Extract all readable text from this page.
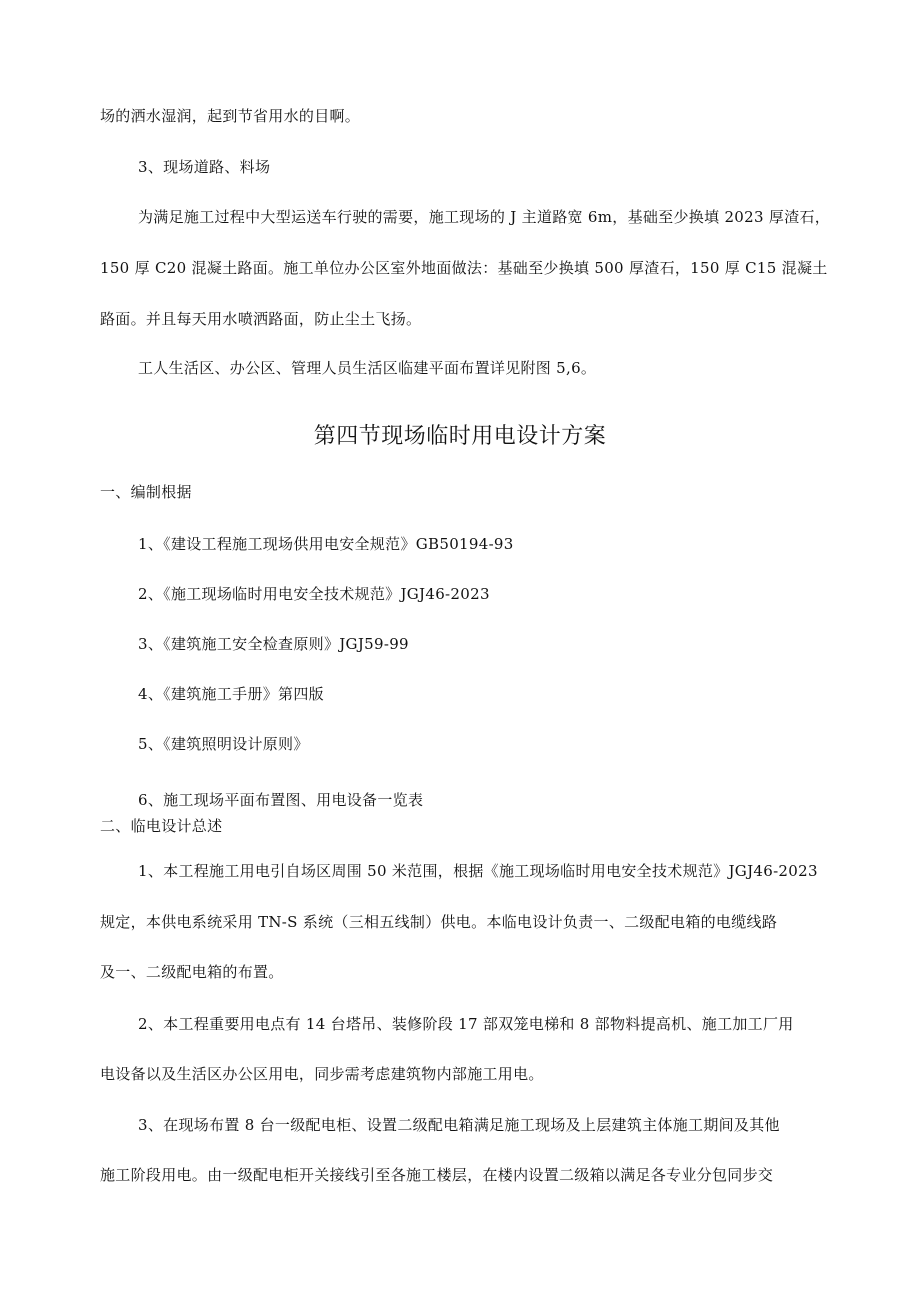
场的洒水湿润，起到节省用水的目啊。
3、现场道路、料场
为满足施工过程中大型运送车行驶的需要，施工现场的 J 主道路宽 6m，基础至少换填 2023 厚渣石，
150 厚 C20 混凝土路面。施工单位办公区室外地面做法：基础至少换填 500 厚渣石，150 厚 C15 混凝土
路面。并且每天用水喷洒路面，防止尘土飞扬。
工人生活区、办公区、管理人员生活区临建平面布置详见附图 5,6。
第四节现场临时用电设计方案
一、编制根据
1、《建设工程施工现场供用电安全规范》GB50194-93
2、《施工现场临时用电安全技术规范》JGJ46-2023
3、《建筑施工安全检查原则》JGJ59-99
4、《建筑施工手册》第四版
5、《建筑照明设计原则》
6、施工现场平面布置图、用电设备一览表
二、临电设计总述
1、本工程施工用电引自场区周围 50 米范围，根据《施工现场临时用电安全技术规范》JGJ46-2023
规定，本供电系统采用 TN-S 系统（三相五线制）供电。本临电设计负责一、二级配电箱的电缆线路
及一、二级配电箱的布置。
2、本工程重要用电点有 14 台塔吊、装修阶段 17 部双笼电梯和 8 部物料提高机、施工加工厂用
电设备以及生活区办公区用电，同步需考虑建筑物内部施工用电。
3、在现场布置 8 台一级配电柜、设置二级配电箱满足施工现场及上层建筑主体施工期间及其他
施工阶段用电。由一级配电柜开关接线引至各施工楼层，在楼内设置二级箱以满足各专业分包同步交
